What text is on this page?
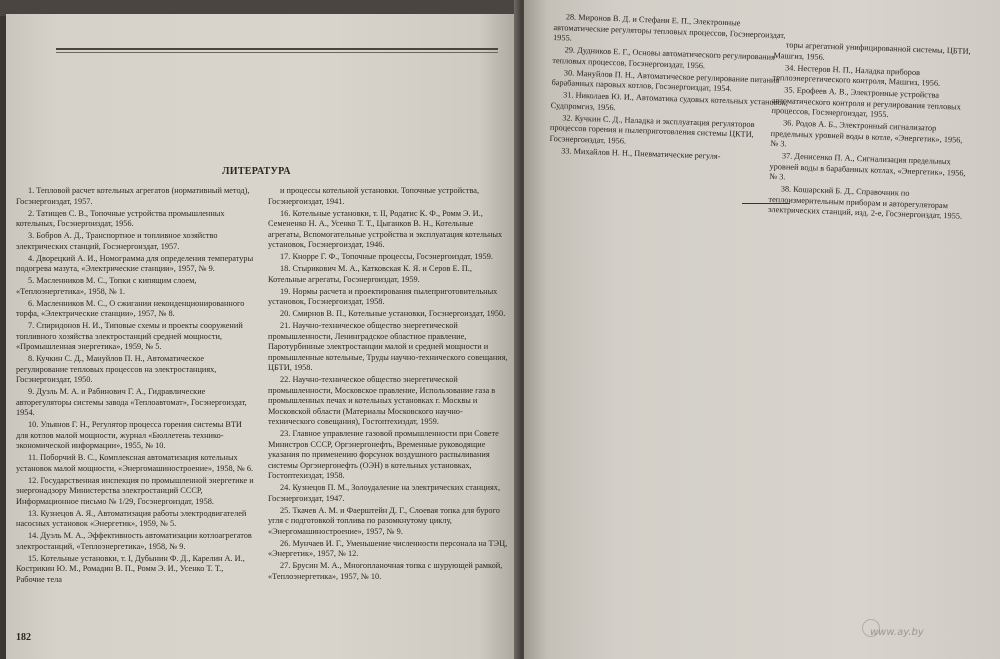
ЛИТЕРАТУРА

1. Тепловой расчет котельных агрегатов (нормативный метод), Госэнергоиздат, 1957.

2. Татищев С. В., Топочные устройства промышленных котельных, Госэнергоиздат, 1956.

3. Бобров А. Д., Транспортное и топливное хозяйство электрических станций, Госэнергоиздат, 1957.

4. Дворецкий А. И., Номограмма для определения температуры подогрева мазута, «Электрические станции», 1957, № 9.

5. Масленников М. С., Топки с кипящим слоем, «Теплоэнергетика», 1958, № 1.

6. Масленников М. С., О сжигании неконденционированного торфа, «Электрические станции», 1957, № 8.

7. Спиридонов Н. И., Типовые схемы и проекты сооружений топливного хозяйства электростанций средней мощности, «Промышленная энергетика», 1959, № 5.

8. Кучкин С. Д., Мануйлов П. Н., Автоматическое регулирование тепловых процессов на электростанциях, Госэнергоиздат, 1950.

9. Дуэль М. А. и Рабинович Г. А., Гидравлические авторегуляторы системы завода «Теплоавтомат», Госэнергоиздат, 1954.

10. Ульянов Г. Н., Регулятор процесса горения системы ВТИ для котлов малой мощности, журнал «Бюллетень технико-экономической информации», 1955, № 10.

11. Поборчий В. С., Комплексная автоматизация котельных установок малой мощности, «Энергомашиностроение», 1958, № 6.

12. Государственная инспекция по промышленной энергетике и энергонадзору Министерства электростанций СССР, Информационное письмо № 1/29, Госэнергоиздат, 1958.

13. Кузнецов А. Я., Автоматизация работы электродвигателей насосных установок «Энергетик», 1959, № 5.

14. Дуэль М. А., Эффективность автоматизации котлоагрегатов электростанций, «Теплоэнергетика», 1958, № 9.

15. Котельные установки, т. I, Дубынин Ф. Д., Карелин А. И., Кострикин Ю. М., Ромадин В. П., Ромм Э. И., Усенко Т. Т., Рабочие тела

и процессы котельной установки. Топочные устройства, Госэнергоиздат, 1941.

16. Котельные установки, т. II, Родатис К. Ф., Ромм Э. И., Семененко Н. А., Усенко Т. Т., Цыганков В. Н., Котельные агрегаты, Вспомогательные устройства и эксплуатация котельных установок, Госэнергоиздат, 1946.

17. Кнорре Г. Ф., Топочные процессы, Госэнергоиздат, 1959.

18. Стырикович М. А., Катковская К. Я. и Серов Е. П., Котельные агрегаты, Госэнергоиздат, 1959.

19. Нормы расчета и проектирования пылеприготовительных установок, Госэнергоиздат, 1958.

20. Смирнов В. П., Котельные установки, Госэнергоиздат, 1950.

21. Научно-техническое общество энергетической промышленности, Ленинградское областное правление, Паротурбинные электростанции малой и средней мощности и промышленные котельные, Труды научно-технического совещания, ЦБТИ, 1958.

22. Научно-техническое общество энергетической промышленности, Московское правление, Использование газа в промышленных печах и котельных установках г. Москвы и Московской области (Материалы Московского научно-технического совещания), Гостоптехиздат, 1959.

23. Главное управление газовой промышленности при Совете Министров СССР, Оргэнергонефть, Временные руководящие указания по применению форсунок воздушного распыливания системы Оргэнергонефть (ОЭН) в котельных установках, Гостоптехиздат, 1958.

24. Кузнецов П. М., Золоудаление на электрических станциях, Госэнергоиздат, 1947.

25. Ткачев А. М. и Фаерштейн Д. Г., Слоевая топка для бурого угля с подготовкой топлива по разомкнутому циклу, «Энергомашиностроение», 1957, № 9.

26. Мунчаев И. Г., Уменьшение численности персонала на ТЭЦ, «Энергетик», 1957, № 12.

27. Брусин М. А., Многопланочная топка с шурующей рамкой, «Теплоэнергетика», 1957, № 10.

182

28. Миронов В. Д. и Стефани Е. П., Электронные автоматические регуляторы тепловых процессов, Госэнергоиздат, 1955.

29. Дудников Е. Г., Основы автоматического регулирования тепловых процессов, Госэнергоиздат, 1956.

30. Мануйлов П. Н., Автоматическое регулирование питания барабанных паровых котлов, Госэнергоиздат, 1954.

31. Николаев Ю. И., Автоматика судовых котельных установок, Судпромгиз, 1956.

32. Кучкин С. Д., Наладка и эксплуатация регуляторов процессов горения и пылеприготовления системы ЦКТИ, Госэнергоиздат, 1956.

33. Михайлов Н. Н., Пневматические регуля-

торы агрегатной унифицированной системы, ЦБТИ, Машгиз, 1956.

34. Нестеров Н. П., Наладка приборов теплоэнергетического контроля, Машгиз, 1956.

35. Ерофеев А. В., Электронные устройства автоматического контроля и регулирования тепловых процессов, Госэнергоиздат, 1955.

36. Родов А. Б., Электронный сигнализатор предельных уровней воды в котле, «Энергетик», 1956, № 3.

37. Денисенко П. А., Сигнализация предельных уровней воды в барабанных котлах, «Энергетик», 1956, № 3.

38. Кошарский Б. Д., Справочник по теплоизмерительным приборам и авторегуляторам электрических станций, изд. 2-е, Госэнергоиздат, 1955.

www.ay.by
